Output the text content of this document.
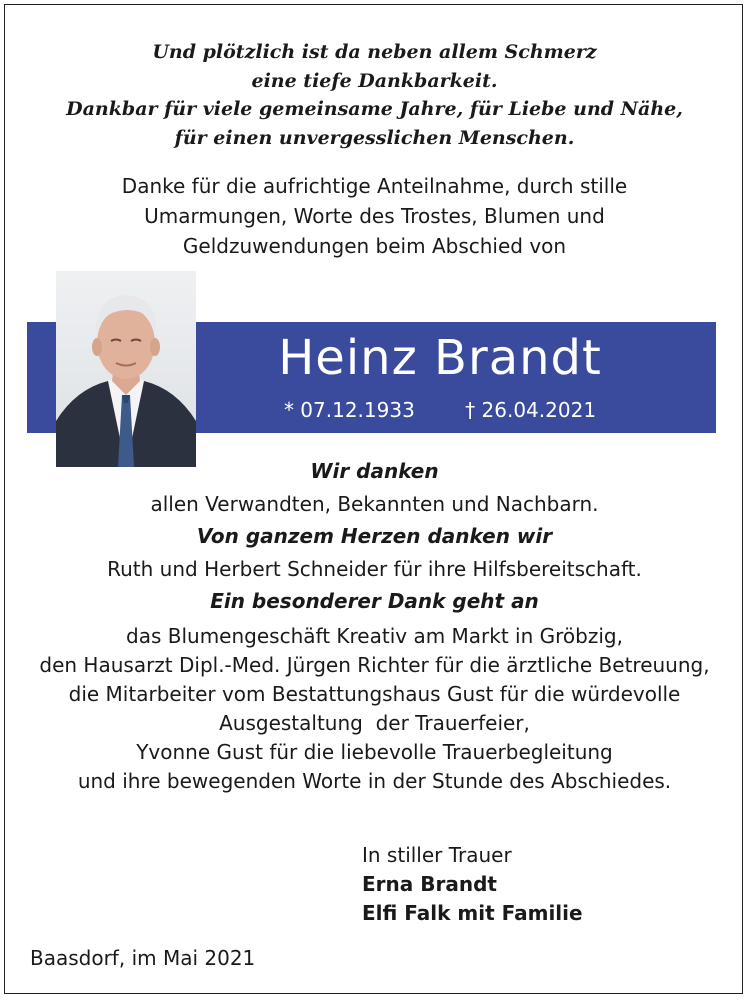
Und plötzlich ist da neben allem Schmerz
eine tiefe Dankbarkeit.
Dankbar für viele gemeinsame Jahre, für Liebe und Nähe,
für einen unvergesslichen Menschen.
Danke für die aufrichtige Anteilnahme, durch stille
Umarmungen, Worte des Trostes, Blumen und
Geldzuwendungen beim Abschied von
Heinz Brandt
* 07.12.1933	† 26.04.2021
Wir danken
allen Verwandten, Bekannten und Nachbarn.
Von ganzem Herzen danken wir
Ruth und Herbert Schneider für ihre Hilfsbereitschaft.
Ein besonderer Dank geht an
das Blumengeschäft Kreativ am Markt in Gröbzig,
den Hausarzt Dipl.-Med. Jürgen Richter für die ärztliche Betreuung,
die Mitarbeiter vom Bestattungshaus Gust für die würdevolle
Ausgestaltung  der Trauerfeier,
Yvonne Gust für die liebevolle Trauerbegleitung
und ihre bewegenden Worte in der Stunde des Abschiedes.
In stiller Trauer
Erna Brandt
Elfi Falk mit Familie
Baasdorf, im Mai 2021
